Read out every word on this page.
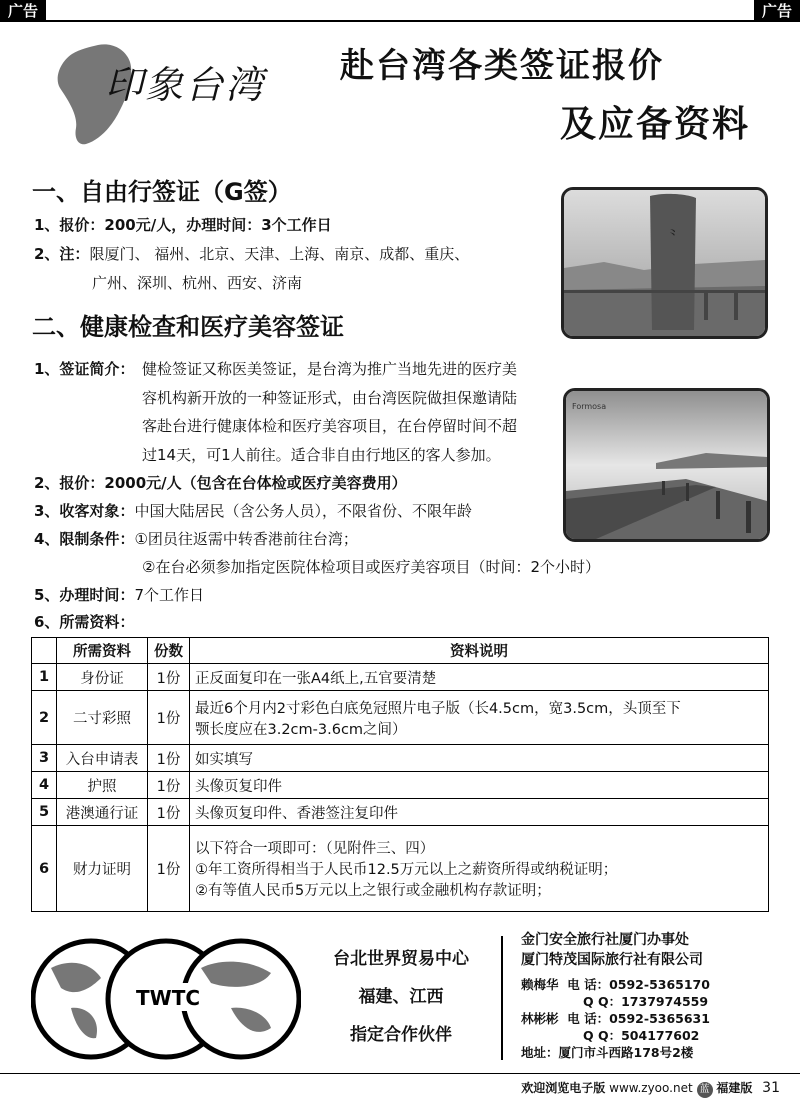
广告	广告
印象台湾 赴台湾各类签证报价
及应备资料
一、自由行签证（G签）
1、报价：200元/人，办理时间：3个工作日
2、注：限厦门、 福州、北京、天津、上海、南京、成都、重庆、
广州、深圳、杭州、西安、济南
⺀
二、健康检查和医疗美容签证
1、签证简介： 健检签证又称医美签证，是台湾为推广当地先进的医疗美
容机构新开放的一种签证形式，由台湾医院做担保邀请陆
客赴台进行健康体检和医疗美容项目，在台停留时间不超
过14天，可1人前往。适合非自由行地区的客人参加。
2、报价：2000元/人（包含在台体检或医疗美容费用）
3、收客对象：中国大陆居民（含公务人员），不限省份、不限年龄
4、限制条件：①团员往返需中转香港前往台湾；
②在台必须参加指定医院体检项目或医疗美容项目（时间：2个小时）
5、办理时间：7个工作日
6、所需资料：
Formosa
	所需资料	份数	资料说明
1	身份证	1份	正反面复印在一张A4纸上,五官要清楚
2	二寸彩照	1份	最近6个月内2寸彩色白底免冠照片电子版（长4.5cm，宽3.5cm，头顶至下
颚长度应在3.2cm-3.6cm之间）

3	入台申请表	1份	如实填写
4	护照	1份	头像页复印件
5	港澳通行证	1份	头像页复印件、香港签注复印件
6	财力证明	1份	以下符合一项即可：（见附件三、四）
①年工资所得相当于人民币12.5万元以上之薪资所得或纳税证明；
②有等值人民币5万元以上之银行或金融机构存款证明；
TWTC
台北世界贸易中心
福建、江西
指定合作伙伴
金门安全旅行社厦门办事处
厦门特茂国际旅行社有限公司
赖梅华 电 话：0592-5365170
Q Q：1737974559
林彬彬 电 话：0592-5365631
Q Q：504177602
地址：厦门市斗西路178号2楼
欢迎浏览电子版 www.zyoo.net 蓝 福建版 31
